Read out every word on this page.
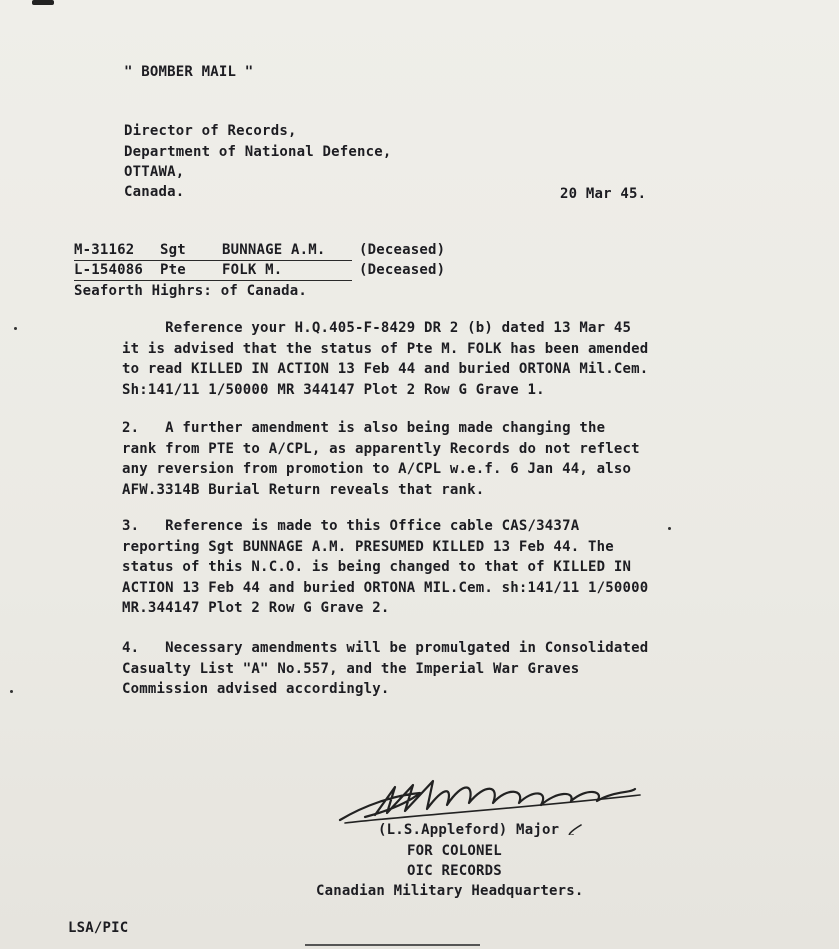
" BOMBER MAIL "

Director of Records,

Department of National Defence,

OTTAWA,

Canada.	20 Mar 45.

M-31162 Sgt	BUNNAGE A.M. (Deceased)

L-154086 Pte	FOLK M.	(Deceased)

Seaforth Highrs: of Canada.

Reference your H.Q.405-F-8429 DR 2 (b) dated 13 Mar 45
it is advised that the status of Pte M. FOLK has been amended
to read KILLED IN ACTION 13 Feb 44 and buried ORTONA Mil.Cem.
Sh:141/11 1/50000 MR 344147 Plot 2 Row G Grave 1.
2.   A further amendment is also being made changing the
rank from PTE to A/CPL, as apparently Records do not reflect
any reversion from promotion to A/CPL w.e.f. 6 Jan 44, also
AFW.3314B Burial Return reveals that rank.
3.   Reference is made to this Office cable CAS/3437A
reporting Sgt BUNNAGE A.M. PRESUMED KILLED 13 Feb 44. The
status of this N.C.O. is being changed to that of KILLED IN
ACTION 13 Feb 44 and buried ORTONA MIL.Cem. sh:141/11 1/50000
MR.344147 Plot 2 Row G Grave 2.
4.   Necessary amendments will be promulgated in Consolidated
Casualty List "A" No.557, and the Imperial War Graves
Commission advised accordingly.

(L.S.Appleford) Major

FOR COLONEL

OIC RECORDS

Canadian Military Headquarters.

LSA/PIC
